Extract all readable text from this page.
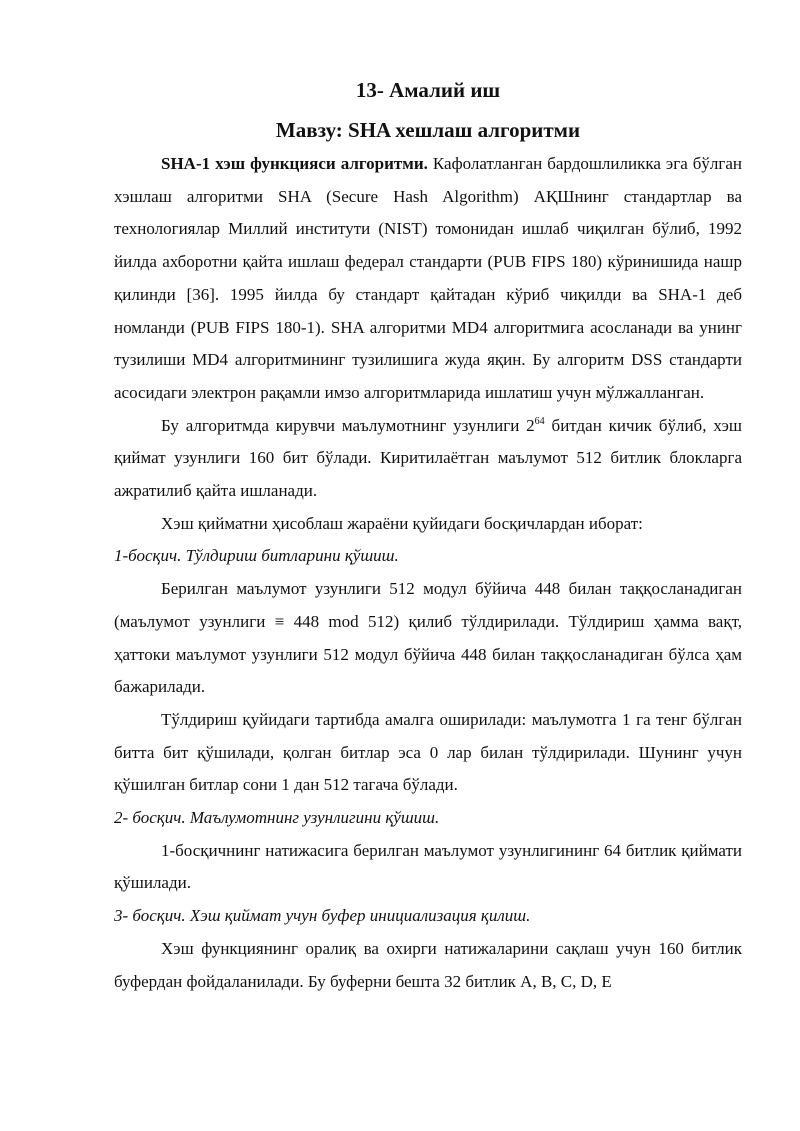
13- Амалий иш
Мавзу: SHA хешлаш алгоритми

SHA-1 хэш функцияси алгоритми. Кафолатланган бардошлиликка эга бўлган хэшлаш алгоритми SHA (Secure Hash Algorithm) АҚШнинг стандартлар ва технологиялар Миллий институти (NIST) томонидан ишлаб чиқилган бўлиб, 1992 йилда ахборотни қайта ишлаш федерал стандарти (PUB FIPS 180) кўринишида нашр қилинди [36]. 1995 йилда бу стандарт қайтадан кўриб чиқилди ва SHA-1 деб номланди (PUB FIPS 180-1). SHA алгоритми MD4 алгоритмига асосланади ва унинг тузилиши MD4 алгоритмининг тузилишига жуда яқин. Бу алгоритм DSS стандарти асосидаги электрон рақамли имзо алгоритмларида ишлатиш учун мўлжалланган.

Бу алгоритмда кирувчи маълумотнинг узунлиги $2^{64}$ битдан кичик бўлиб, хэш қиймат узунлиги 160 бит бўлади. Киритилаётган маълумот 512 битлик блокларга ажратилиб қайта ишланади.

Хэш қийматни ҳисоблаш жараёни қуйидаги босқичлардан иборат:

1-босқич. Тўлдириш битларини қўшиш.

Берилган маълумот узунлиги 512 модул бўйича 448 билан таққосланадиган (маълумот узунлиги ≡ 448 mod 512) қилиб тўлдирилади. Тўлдириш ҳамма вақт, ҳаттоки маълумот узунлиги 512 модул бўйича 448 билан таққосланадиган бўлса ҳам бажарилади.

Тўлдириш қуйидаги тартибда амалга оширилади: маълумотга 1 га тенг бўлган битта бит қўшилади, қолган битлар эса 0 лар билан тўлдирилади. Шунинг учун қўшилган битлар сони 1 дан 512 тагача бўлади.

2- босқич. Маълумотнинг узунлигини қўшиш.

1-босқичнинг натижасига берилган маълумот узунлигининг 64 битлик қиймати қўшилади.

3- босқич. Хэш қиймат учун буфер инициализация қилиш.

Хэш функциянинг оралиқ ва охирги натижаларини сақлаш учун 160 битлик буфердан фойдаланилади. Бу буферни бешта 32 битлик A, B, C, D, E
